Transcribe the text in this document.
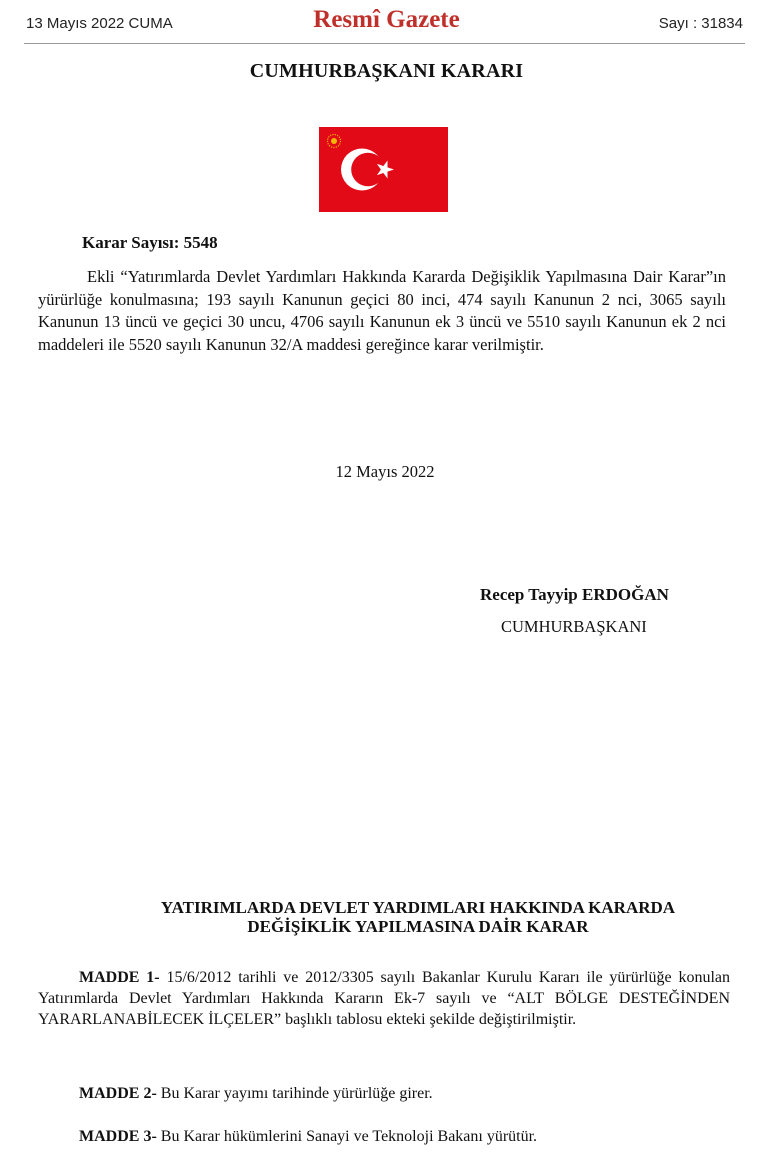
13 Mayıs 2022 CUMA	Resmî Gazete	Sayı : 31834
CUMHURBAŞKANI KARARI
Karar Sayısı: 5548
Ekli “Yatırımlarda Devlet Yardımları Hakkında Kararda Değişiklik Yapılmasına Dair Karar”ın yürürlüğe konulmasına; 193 sayılı Kanunun geçici 80 inci, 474 sayılı Kanunun 2 nci, 3065 sayılı Kanunun 13 üncü ve geçici 30 uncu, 4706 sayılı Kanunun ek 3 üncü ve 5510 sayılı Kanunun ek 2 nci maddeleri ile 5520 sayılı Kanunun 32/A maddesi gereğince karar verilmiştir.
12 Mayıs 2022
Recep Tayyip ERDOĞAN
CUMHURBAŞKANI
YATIRIMLARDA DEVLET YARDIMLARI HAKKINDA KARARDA
DEĞİŞİKLİK YAPILMASINA DAİR KARAR
MADDE 1- 15/6/2012 tarihli ve 2012/3305 sayılı Bakanlar Kurulu Kararı ile yürürlüğe konulan Yatırımlarda Devlet Yardımları Hakkında Kararın Ek-7 sayılı ve “ALT BÖLGE DESTEĞİNDEN YARARLANABİLECEK İLÇELER” başlıklı tablosu ekteki şekilde değiştirilmiştir.
MADDE 2- Bu Karar yayımı tarihinde yürürlüğe girer.
MADDE 3- Bu Karar hükümlerini Sanayi ve Teknoloji Bakanı yürütür.
